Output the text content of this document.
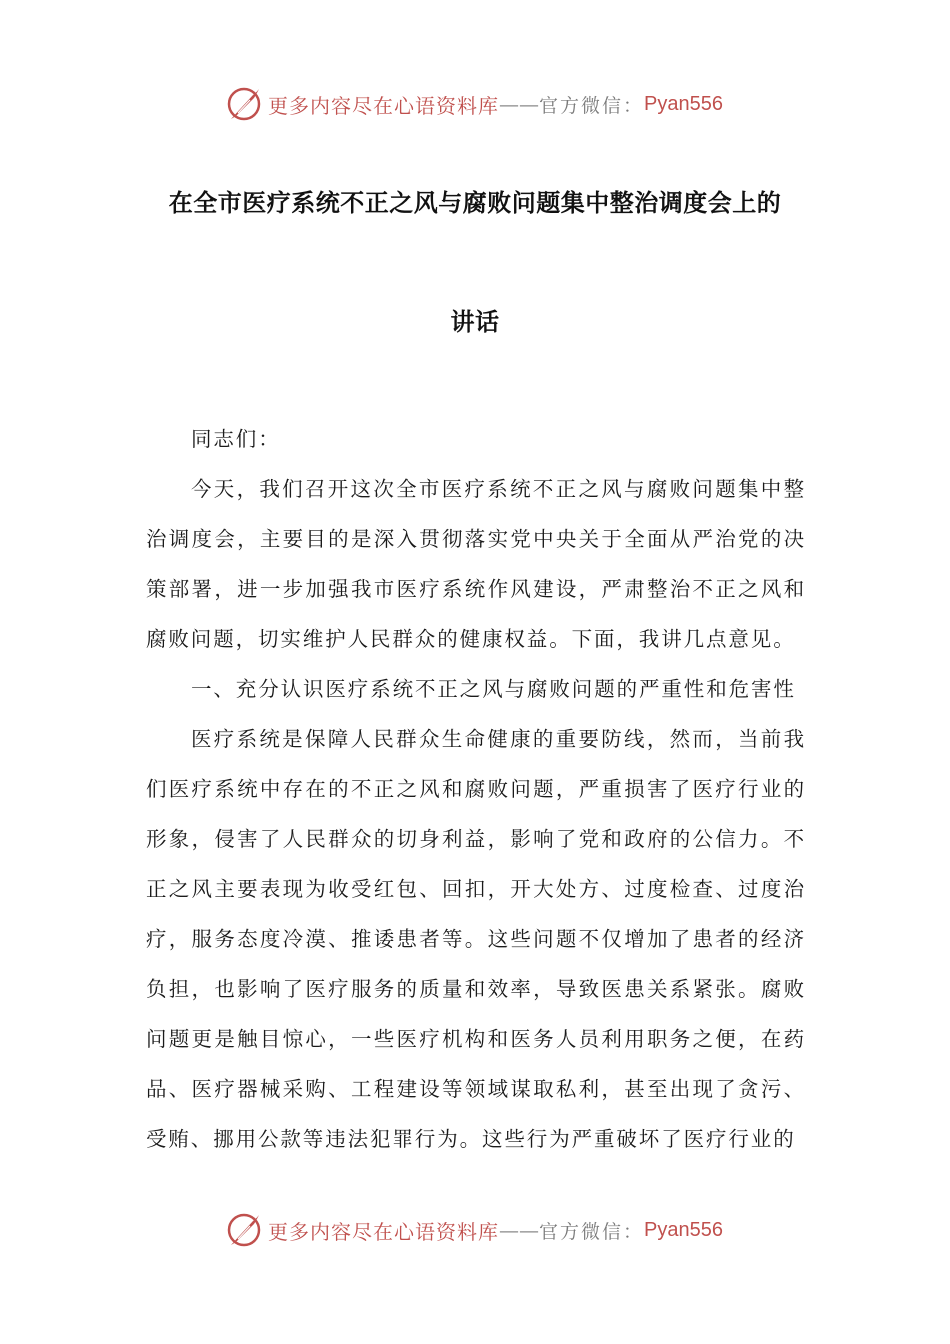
更多内容尽在心语资料库 —— 官方微信： Pyan556
在全市医疗系统不正之风与腐败问题集中整治调度会上的
讲话

同志们：

今天，我们召开这次全市医疗系统不正之风与腐败问题集中整治调度会，主要目的是深入贯彻落实党中央关于全面从严治党的决策部署，进一步加强我市医疗系统作风建设，严肃整治不正之风和腐败问题，切实维护人民群众的健康权益。下面，我讲几点意见。

一、充分认识医疗系统不正之风与腐败问题的严重性和危害性

医疗系统是保障人民群众生命健康的重要防线，然而，当前我们医疗系统中存在的不正之风和腐败问题，严重损害了医疗行业的形象，侵害了人民群众的切身利益，影响了党和政府的公信力。不正之风主要表现为收受红包、回扣，开大处方、过度检查、过度治疗，服务态度冷漠、推诿患者等。这些问题不仅增加了患者的经济负担，也影响了医疗服务的质量和效率，导致医患关系紧张。腐败问题更是触目惊心，一些医疗机构和医务人员利用职务之便，在药品、医疗器械采购、工程建设等领域谋取私利，甚至出现了贪污、受贿、挪用公款等违法犯罪行为。这些行为严重破坏了医疗行业的

更多内容尽在心语资料库 —— 官方微信： Pyan556
